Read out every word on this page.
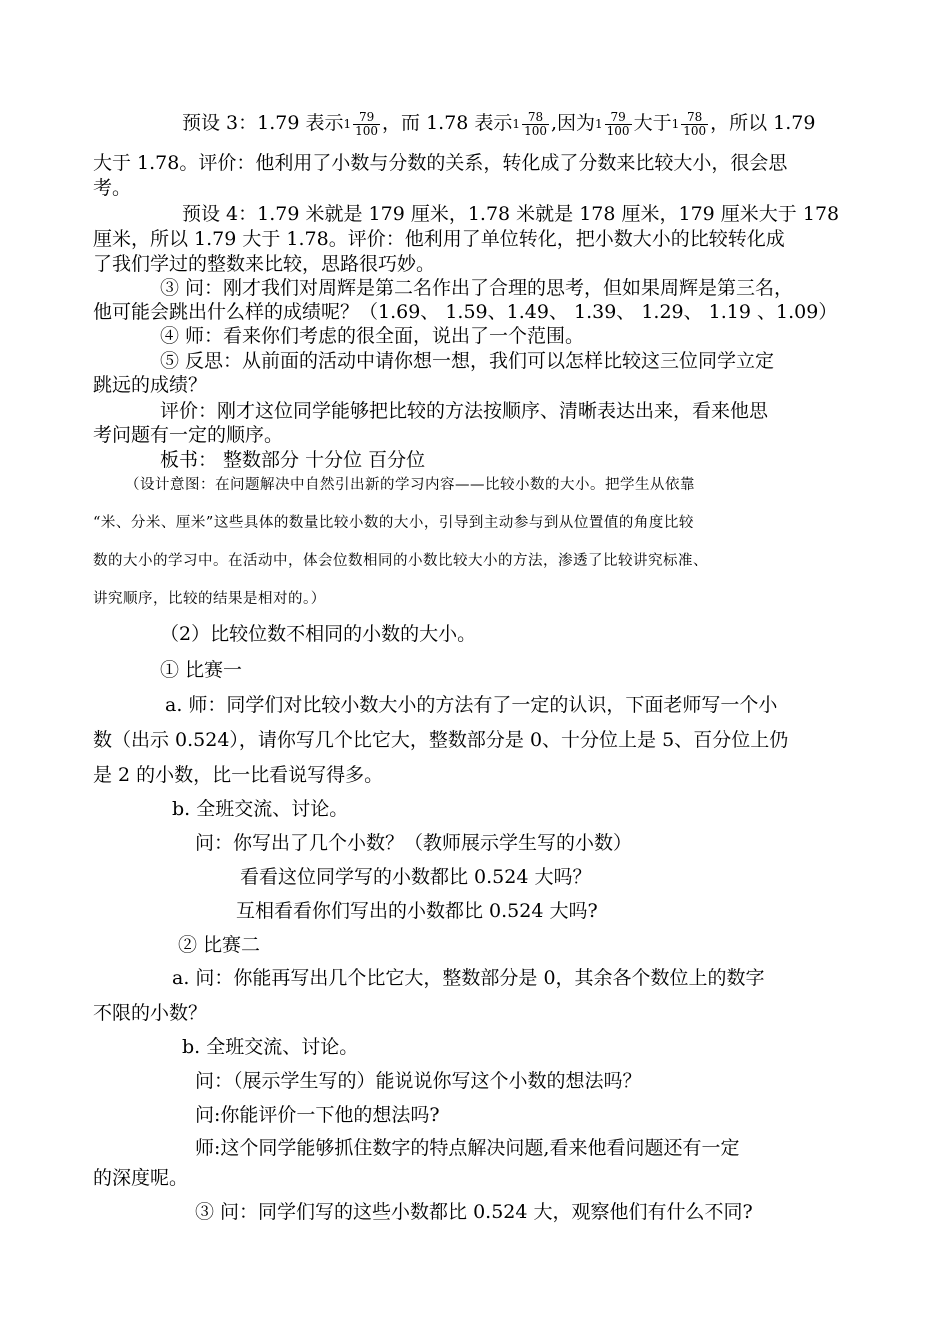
预设 3：1.79 表示$1 \frac{79}{100}$ ，而 1.78 表示$1 \frac{78}{100}$ ,因为$1 \frac{79}{100}$ 大于$1 \frac{78}{100}$ ，所以 1.79
大于 1.78。评价：他利用了小数与分数的关系，转化成了分数来比较大小，很会思
考。
预设 4：1.79 米就是 179 厘米，1.78 米就是 178 厘米，179 厘米大于 178
厘米，所以 1.79 大于 1.78。评价：他利用了单位转化，把小数大小的比较转化成
了我们学过的整数来比较，思路很巧妙。
③ 问：刚才我们对周辉是第二名作出了合理的思考，但如果周辉是第三名，
他可能会跳出什么样的成绩呢？（1.69、 1.59、1.49、 1.39、 1.29、 1.19 、1.09）
④ 师：看来你们考虑的很全面，说出了一个范围。
⑤ 反思：从前面的活动中请你想一想，我们可以怎样比较这三位同学立定
跳远的成绩？
评价：刚才这位同学能够把比较的方法按顺序、清晰表达出来，看来他思
考问题有一定的顺序。
板书： 整数部分 十分位 百分位
（设计意图：在问题解决中自然引出新的学习内容——比较小数的大小。把学生从依靠
“米、分米、厘米”这些具体的数量比较小数的大小，引导到主动参与到从位置值的角度比较
数的大小的学习中。在活动中，体会位数相同的小数比较大小的方法，渗透了比较讲究标准、
讲究顺序，比较的结果是相对的。）
（2）比较位数不相同的小数的大小。
① 比赛一
a. 师：同学们对比较小数大小的方法有了一定的认识，下面老师写一个小
数（出示 0.524），请你写几个比它大，整数部分是 0、十分位上是 5、百分位上仍
是 2 的小数，比一比看说写得多。
b. 全班交流、讨论。
问：你写出了几个小数？（教师展示学生写的小数）
看看这位同学写的小数都比 0.524 大吗？
互相看看你们写出的小数都比 0.524 大吗?
② 比赛二
a. 问：你能再写出几个比它大，整数部分是 0，其余各个数位上的数字
不限的小数？
b. 全班交流、讨论。
问：（展示学生写的）能说说你写这个小数的想法吗？
问:你能评价一下他的想法吗?
师:这个同学能够抓住数字的特点解决问题,看来他看问题还有一定
的深度呢。
③ 问：同学们写的这些小数都比 0.524 大，观察他们有什么不同?
